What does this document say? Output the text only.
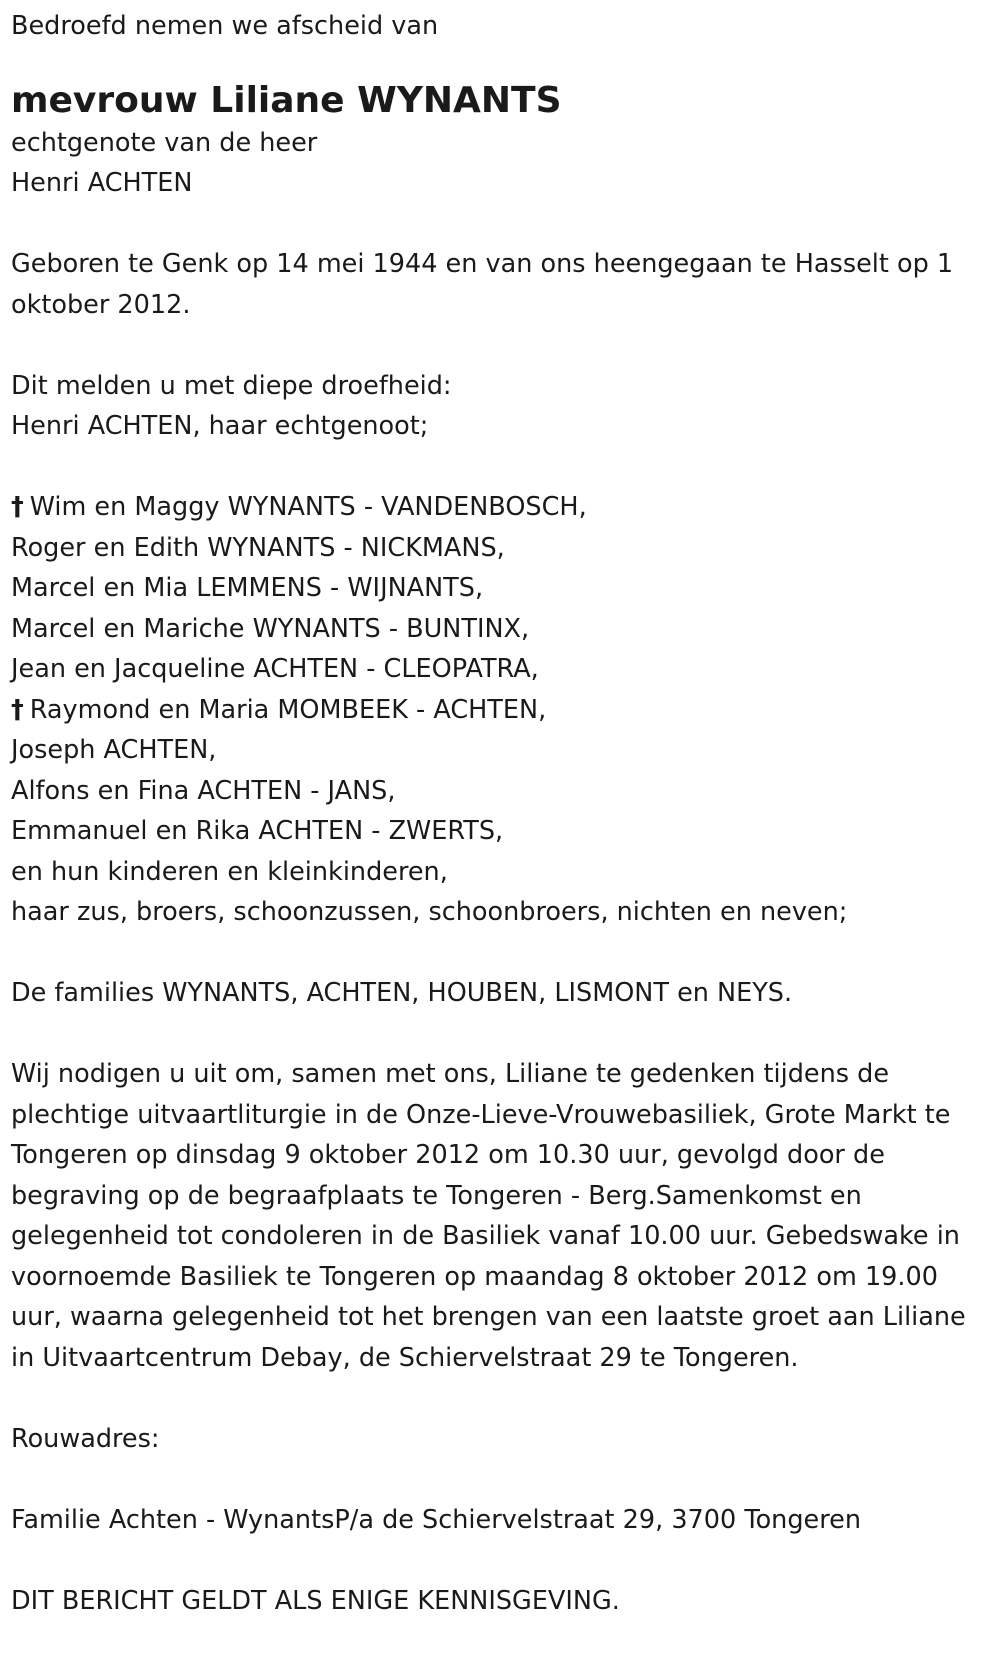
Bedroefd nemen we afscheid van

mevrouw Liliane WYNANTS

echtgenote van de heer

Henri ACHTEN

Geboren te Genk op 14 mei 1944 en van ons heengegaan te Hasselt op 1 oktober 2012.

Dit melden u met diepe droefheid:

Henri ACHTEN, haar echtgenoot;

† Wim en Maggy WYNANTS - VANDENBOSCH,

Roger en Edith WYNANTS - NICKMANS,

Marcel en Mia LEMMENS - WIJNANTS,

Marcel en Mariche WYNANTS - BUNTINX,

Jean en Jacqueline ACHTEN - CLEOPATRA,

† Raymond en Maria MOMBEEK - ACHTEN,

Joseph ACHTEN,

Alfons en Fina ACHTEN - JANS,

Emmanuel en Rika ACHTEN - ZWERTS,

en hun kinderen en kleinkinderen,

haar zus, broers, schoonzussen, schoonbroers, nichten en neven;

De families WYNANTS, ACHTEN, HOUBEN, LISMONT en NEYS.

Wij nodigen u uit om, samen met ons, Liliane te gedenken tijdens de plechtige uitvaartliturgie in de Onze-Lieve-Vrouwebasiliek, Grote Markt te Tongeren op dinsdag 9 oktober 2012 om 10.30 uur, gevolgd door de begraving op de begraafplaats te Tongeren - Berg.Samenkomst en gelegenheid tot condoleren in de Basiliek vanaf 10.00 uur. Gebedswake in voornoemde Basiliek te Tongeren op maandag 8 oktober 2012 om 19.00 uur, waarna gelegenheid tot het brengen van een laatste groet aan Liliane in Uitvaartcentrum Debay, de Schiervelstraat 29 te Tongeren.

Rouwadres:

Familie Achten - WynantsP/a de Schiervelstraat 29, 3700 Tongeren

DIT BERICHT GELDT ALS ENIGE KENNISGEVING.
